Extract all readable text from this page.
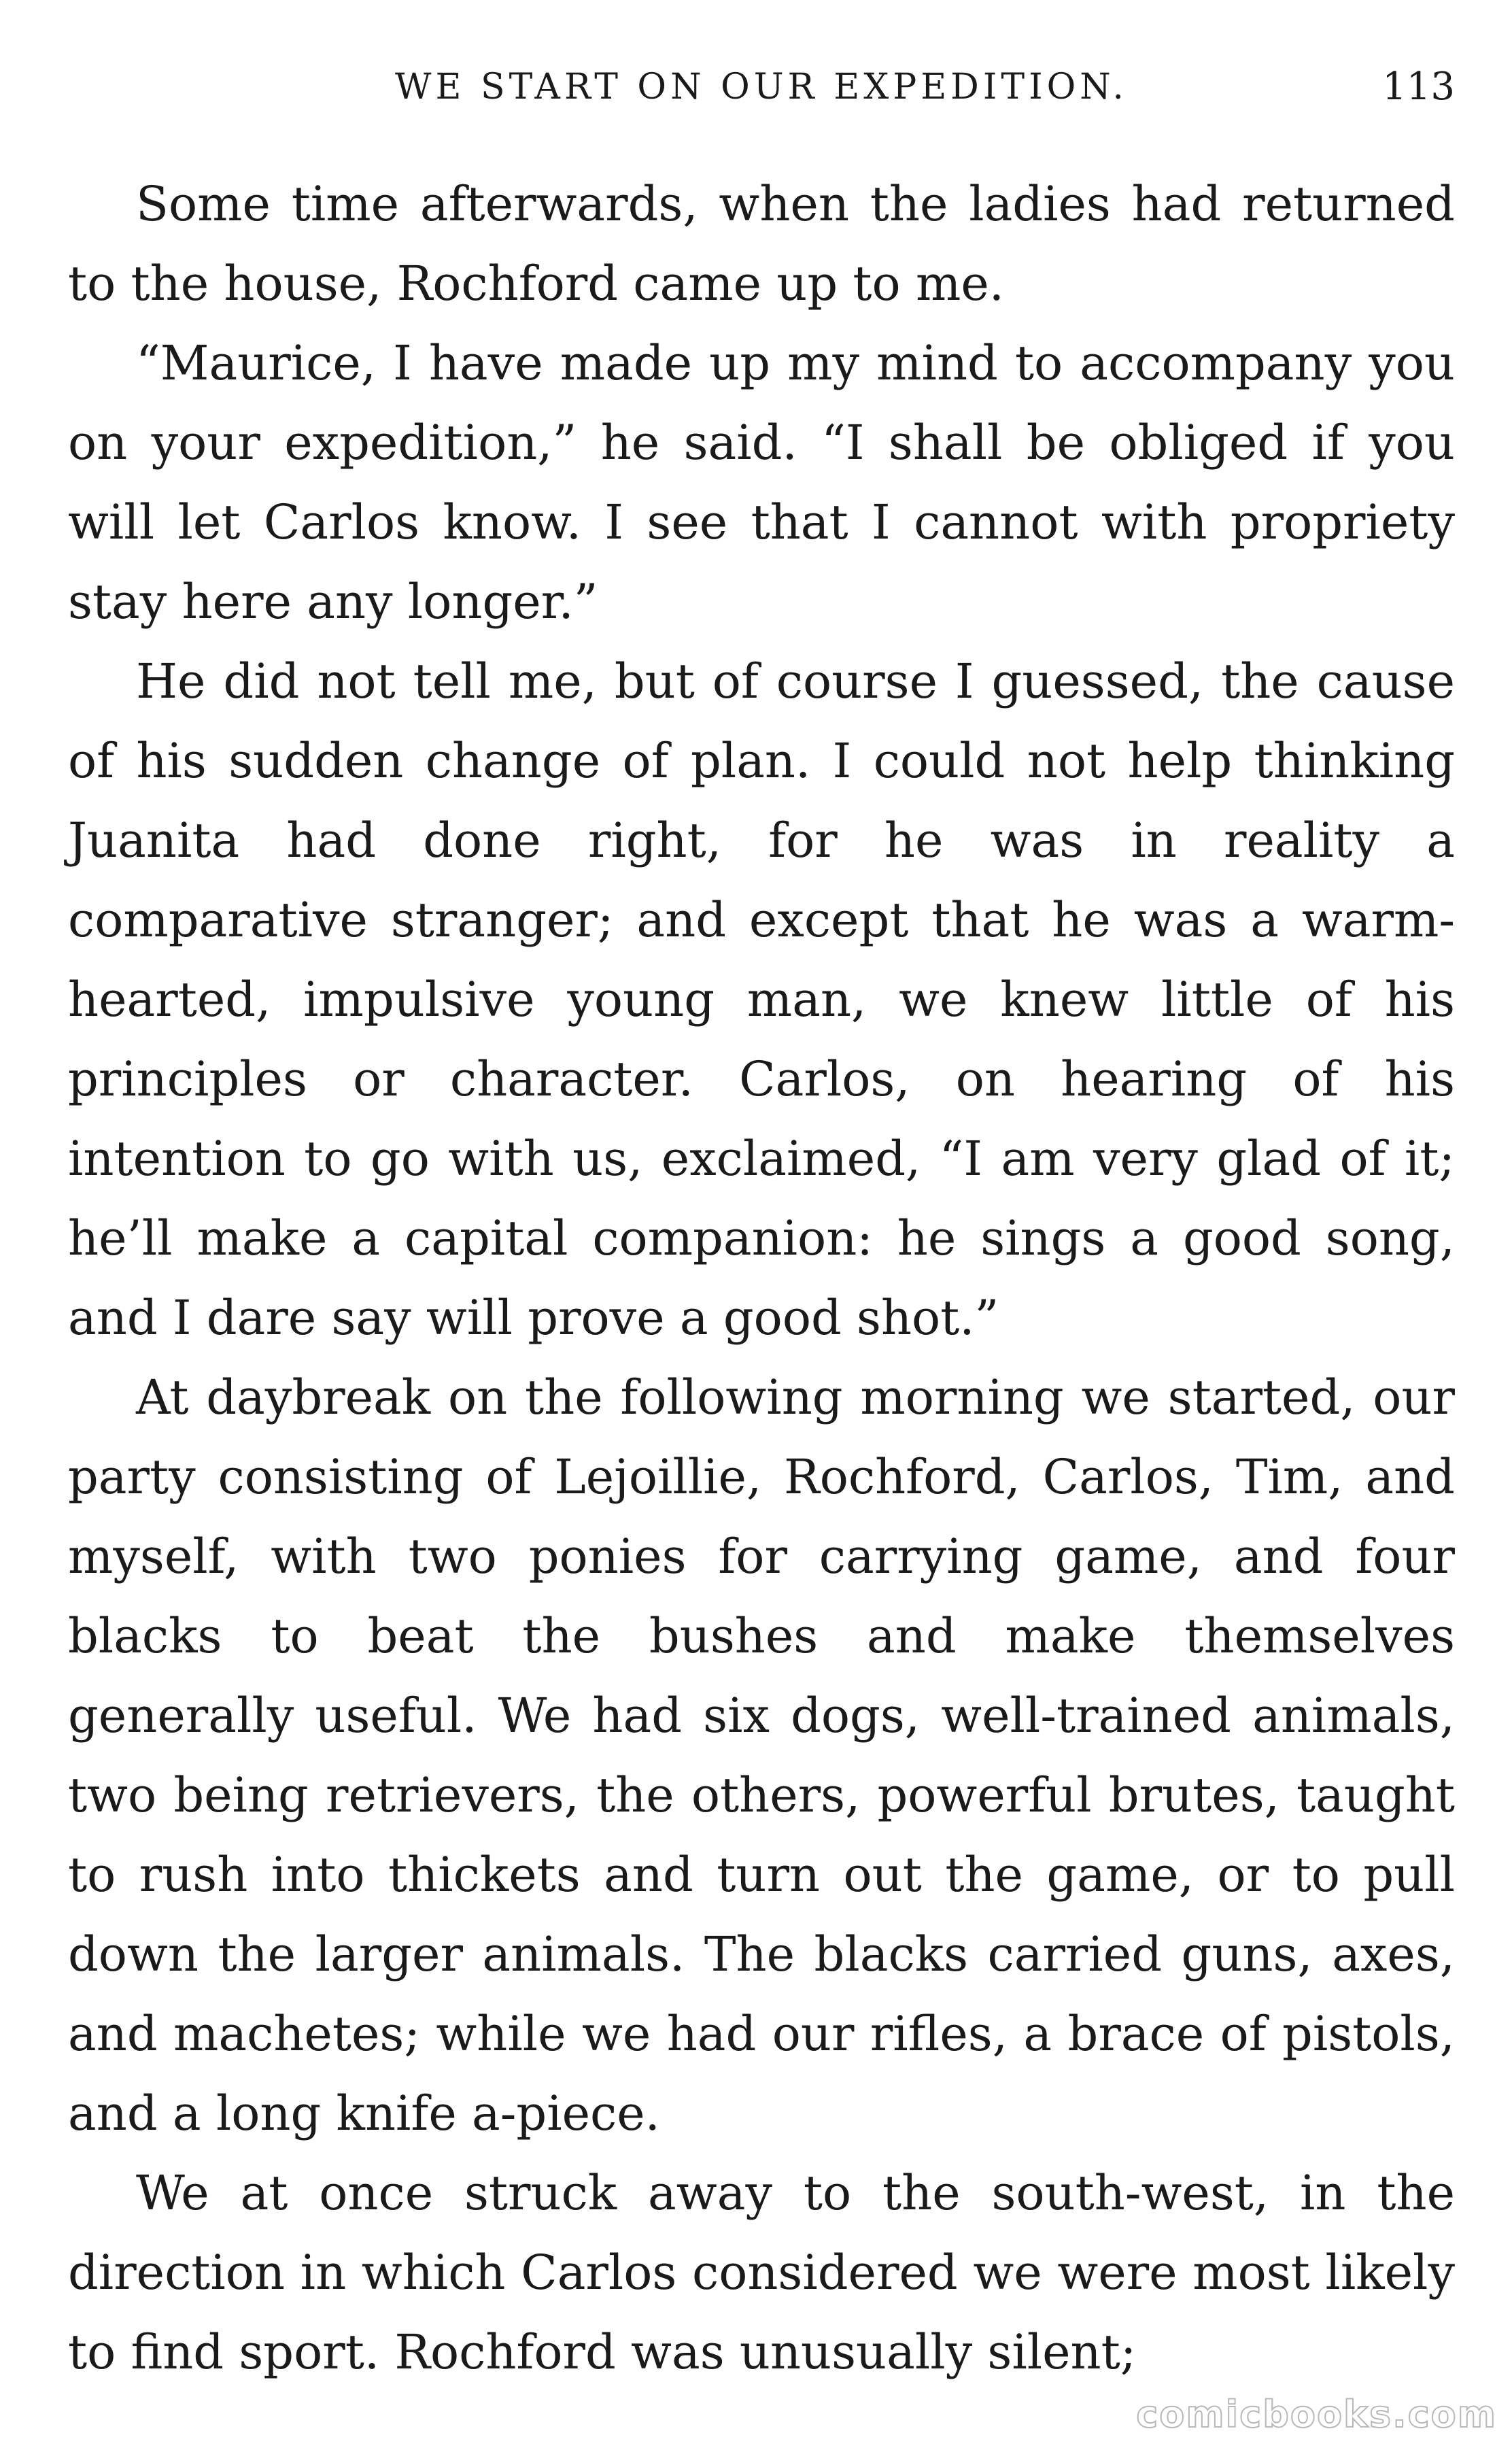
WE START ON OUR EXPEDITION.	113

Some time afterwards, when the ladies had returned to the house, Rochford came up to me.

“Maurice, I have made up my mind to accompany you on your expedition,” he said. “I shall be obliged if you will let Carlos know. I see that I cannot with propriety stay here any longer.”

He did not tell me, but of course I guessed, the cause of his sudden change of plan. I could not help thinking Juanita had done right, for he was in reality a comparative stranger; and except that he was a warm-hearted, impulsive young man, we knew little of his principles or character. Carlos, on hearing of his intention to go with us, exclaimed, “I am very glad of it; he’ll make a capital companion: he sings a good song, and I dare say will prove a good shot.”

At daybreak on the following morning we started, our party consisting of Lejoillie, Rochford, Carlos, Tim, and myself, with two ponies for carrying game, and four blacks to beat the bushes and make themselves generally useful. We had six dogs, well-trained animals, two being retrievers, the others, powerful brutes, taught to rush into thickets and turn out the game, or to pull down the larger animals. The blacks carried guns, axes, and machetes; while we had our rifles, a brace of pistols, and a long knife a-piece.

We at once struck away to the south-west, in the direction in which Carlos considered we were most likely to find sport. Rochford was unusually silent;

comicbooks.com
